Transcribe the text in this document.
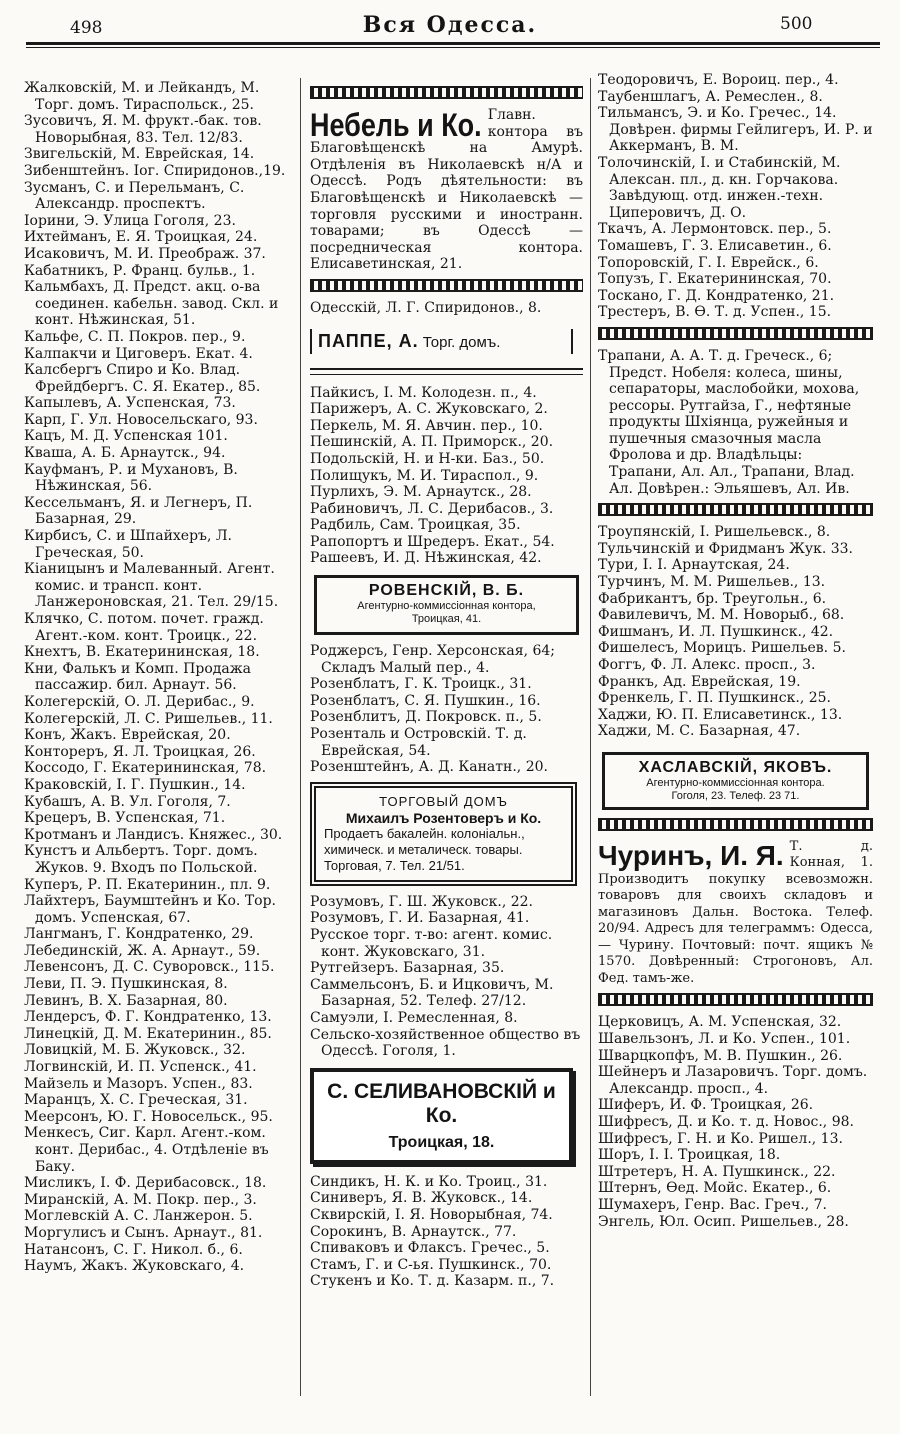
498	Вся Одесса.	500
Жалковскій, М. и Лейкандъ, М. Торг. домъ. Тираспольск., 25.
Зусовичъ, Я. М. фрукт.-бак. тов. Новорыбная, 83. Тел. 12/83.
Звигельскій, М. Еврейская, 14.
Зибенштейнъ. Іог. Спиридонов.,19.
Зусманъ, С. и Перельманъ, С. Александр. проспектъ.
Іорини, Э. Улица Гоголя, 23.
Ихтейманъ, Е. Я. Троицкая, 24.
Исаковичъ, М. И. Преображ. 37.
Кабатникъ, Р. Франц. бульв., 1.
Кальмбахъ, Д. Предст. акц. о-ва соединен. кабельн. завод. Скл. и конт. Нѣжинская, 51.
Кальфе, С. П. Покров. пер., 9.
Калпакчи и Циговеръ. Екат. 4.
Калсбергъ Спиро и Ко. Влад. Фрейдбергъ. С. Я. Екатер., 85.
Капылевъ, А. Успенская, 73.
Карп, Г. Ул. Новосельскаго, 93.
Кацъ, М. Д. Успенская 101.
Кваша, А. Б. Арнаутск., 94.
Кауфманъ, Р. и Мухановъ, В. Нѣжинская, 56.
Кессельманъ, Я. и Легнеръ, П. Базарная, 29.
Кирбисъ, С. и Шпайхеръ, Л. Греческая, 50.
Кіаницынъ и Малеванный. Агент. комис. и трансп. конт. Ланжероновская, 21. Тел. 29/15.
Клячко, С. потом. почет. гражд. Агент.-ком. конт. Троицк., 22.
Кнехтъ, В. Екатерининская, 18.
Кни, Фалькъ и Комп. Продажа пассажир. бил. Арнаут. 56.
Колегерскій, О. Л. Дерибас., 9.
Колегерскій, Л. С. Ришельев., 11.
Конъ, Жакъ. Еврейская, 20.
Контореръ, Я. Л. Троицкая, 26.
Коссодо, Г. Екатерининская, 78.
Краковскій, І. Г. Пушкин., 14.
Кубашъ, А. В. Ул. Гоголя, 7.
Крецеръ, В. Успенская, 71.
Кротманъ и Ландисъ. Княжес., 30.
Кунстъ и Альбертъ. Торг. домъ. Жуков. 9. Входъ по Польской.
Куперъ, Р. П. Екатеринин., пл. 9.
Лайхтеръ, Баумштейнъ и Ко. Тор. домъ. Успенская, 67.
Лангманъ, Г. Кондратенко, 29.
Лебединскій, Ж. А. Арнаут., 59.
Левенсонъ, Д. С. Суворовск., 115.
Леви, П. Э. Пушкинская, 8.
Левинъ, В. Х. Базарная, 80.
Лендерсъ, Ф. Г. Кондратенко, 13.
Линецкій, Д. М. Екатеринин., 85.
Ловицкій, М. Б. Жуковск., 32.
Логвинскій, И. П. Успенск., 41.
Майзель и Мазоръ. Успен., 83.
Маранцъ, Х. С. Греческая, 31.
Меерсонъ, Ю. Г. Новосельск., 95.
Менкесъ, Сиг. Карл. Агент.-ком. конт. Дерибас., 4. Отдѣленіе въ Баку.
Мисликъ, І. Ф. Дерибасовск., 18.
Миранскій, А. М. Покр. пер., 3.
Моглевскій А. С. Ланжерон. 5.
Моргулисъ и Сынъ. Арнаут., 81.
Натансонъ, С. Г. Никол. б., 6.
Наумъ, Жакъ. Жуковскаго, 4.
Небель и Ко. Главн. контора въ Благовѣщенскѣ на Амурѣ. Отдѣленія въ Николаевскѣ н/А и Одессѣ. Родъ дѣятельности: въ Благовѣщенскѣ и Николаевскѣ — торговля русскими и иностранн. товарами; въ Одессѣ — посредническая контора. Елисаветинская, 21.
Одесскій, Л. Г. Спиридонов., 8.
ПАППЕ, А. Торг. домъ.
Пайкисъ, І. М. Колодезн. п., 4.
Парижеръ, А. С. Жуковскаго, 2.
Перкель, М. Я. Авчин. пер., 10.
Пешинскій, А. П. Приморск., 20.
Подольскій, Н. и Н-ки. Баз., 50.
Полищукъ, М. И. Тираспол., 9.
Пурлихъ, Э. М. Арнаутск., 28.
Рабиновичъ, Л. С. Дерибасов., 3.
Радбиль, Сам. Троицкая, 35.
Рапопортъ и Шредеръ. Екат., 54.
Рашеевъ, И. Д. Нѣжинская, 42.
РОВЕНСКІЙ, В. Б.
Агентурно-коммиссіонная контора,
Троицкая, 41.
Роджерсъ, Генр. Херсонская, 64; Складъ Малый пер., 4.
Розенблатъ, Г. К. Троицк., 31.
Розенблатъ, С. Я. Пушкин., 16.
Розенблитъ, Д. Покровск. п., 5.
Розенталь и Островскій. Т. д. Еврейская, 54.
Розенштейнъ, А. Д. Канатн., 20.
ТОРГОВЫЙ ДОМЪ
Михаилъ Розентоверъ и Ко.
Продаетъ бакалейн. колоніальн., химическ. и металическ. товары. Торговая, 7. Тел. 21/51.
Розумовъ, Г. Ш. Жуковск., 22.
Розумовъ, Г. И. Базарная, 41.
Русское торг. т-во: агент. комис. конт. Жуковскаго, 31.
Рутгейзеръ. Базарная, 35.
Саммельсонъ, Б. и Ицковичъ, М. Базарная, 52. Телеф. 27/12.
Самуэли, І. Ремесленная, 8.
Сельско-хозяйственное общество въ Одессѣ. Гоголя, 1.
С. СЕЛИВАНОВСКІЙ и Ко.
Троицкая, 18.
Синдикъ, Н. К. и Ко. Троиц., 31.
Синиверъ, Я. В. Жуковск., 14.
Сквирскій, І. Я. Новорыбная, 74.
Сорокинъ, В. Арнаутск., 77.
Спиваковъ и Флаксъ. Гречес., 5.
Стамъ, Г. и С-ья. Пушкинск., 70.
Стукенъ и Ко. Т. д. Казарм. п., 7.
Теодоровичъ, Е. Вороиц. пер., 4.
Таубеншлагъ, А. Ремеслен., 8.
Тильмансъ, Э. и Ко. Гречес., 14. Довѣрен. фирмы Гейлигеръ, И. Р. и Аккерманъ, В. М.
Толочинскій, І. и Стабинскій, М. Алексан. пл., д. кн. Горчакова. Завѣдующ. отд. инжен.-техн. Циперовичъ, Д. О.
Ткачъ, А. Лермонтовск. пер., 5.
Томашевъ, Г. З. Елисаветин., 6.
Топоровскій, Г. І. Еврейск., 6.
Топузъ, Г. Екатерининская, 70.
Тоскано, Г. Д. Кондратенко, 21.
Трестеръ, В. Ѳ. Т. д. Успен., 15.
Трапани, А. А. Т. д. Греческ., 6; Предст. Нобеля: колеса, шины, сепараторы, маслобойки, мохова, рессоры. Рутгайза, Г., нефтяные продукты Шхіянца, ружейныя и пушечныя смазочныя масла Фролова и др. Владѣльцы: Трапани, Ал. Ал., Трапани, Влад. Ал. Довѣрен.: Эльяшевъ, Ал. Ив.
Троупянскій, І. Ришельевск., 8.
Тульчинскій и Фридманъ Жук. 33.
Тури, І. І. Арнаутская, 24.
Турчинъ, М. М. Ришельев., 13.
Фабрикантъ, бр. Треугольн., 6.
Фавилевичъ, М. М. Новорыб., 68.
Фишманъ, И. Л. Пушкинск., 42.
Фишелесъ, Морицъ. Ришельев. 5.
Фоггъ, Ф. Л. Алекс. просп., 3.
Франкъ, Ад. Еврейская, 19.
Френкель, Г. П. Пушкинск., 25.
Хаджи, Ю. П. Елисаветинск., 13.
Хаджи, М. С. Базарная, 47.
ХАСЛАВСКІЙ, ЯКОВЪ.
Агентурно-коммиссіонная контора.
Гоголя, 23. Телеф. 23 71.
Чуринъ, И. Я. Т. д. Конная, 1. Производитъ покупку всевозможн. товаровъ для своихъ складовъ и магазиновъ Дальн. Востока. Телеф. 20/94. Адресъ для телеграммъ: Одесса, — Чурину. Почтовый: почт. ящикъ № 1570. Довѣренный: Строгоновъ, Ал. Фед. тамъ-же.
Церковицъ, А. М. Успенская, 32.
Шавельзонъ, Л. и Ко. Успен., 101.
Шварцкопфъ, М. В. Пушкин., 26.
Шейнеръ и Лазаровичъ. Торг. домъ. Александр. просп., 4.
Шиферъ, И. Ф. Троицкая, 26.
Шифресъ, Д. и Ко. т. д. Новос., 98.
Шифресъ, Г. Н. и Ко. Ришел., 13.
Шоръ, І. І. Троицкая, 18.
Штретеръ, Н. А. Пушкинск., 22.
Штернъ, Ѳед. Мойс. Екатер., 6.
Шумахеръ, Генр. Вас. Греч., 7.
Энгель, Юл. Осип. Ришельев., 28.
